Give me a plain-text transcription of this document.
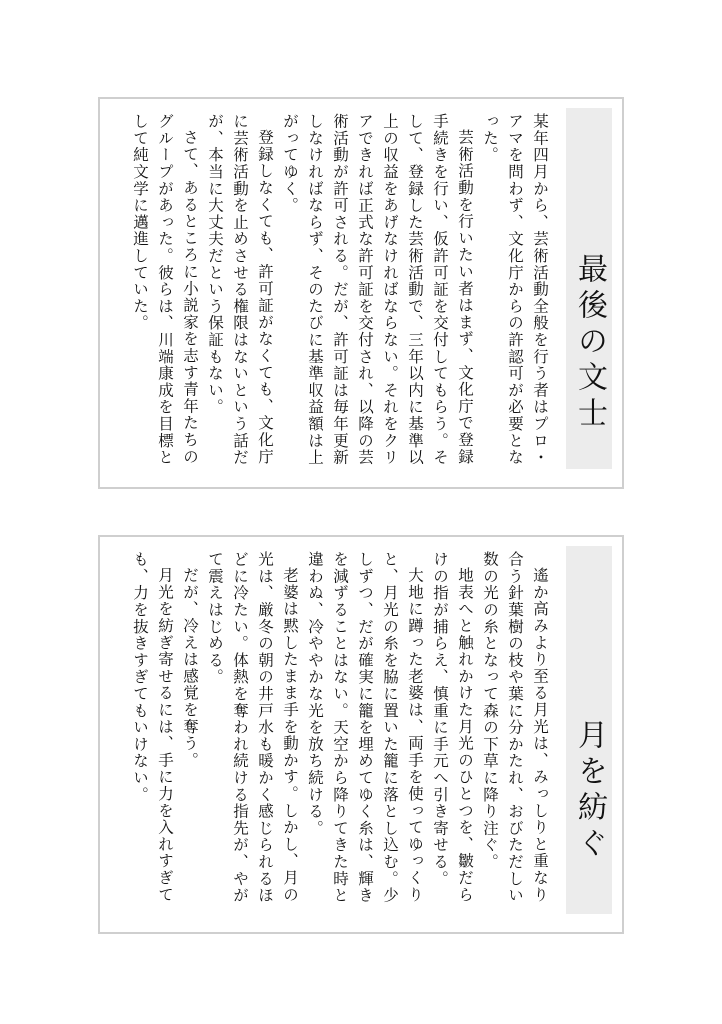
最後の文士

某年四月から、芸術活動全般を行う者はプロ・アマを問わず、文化庁からの許認可が必要となった。

芸術活動を行いたい者はまず、文化庁で登録手続きを行い、仮許可証を交付してもらう。そして、登録した芸術活動で、三年以内に基準以上の収益をあげなければならない。それをクリアできれば正式な許可証を交付され、以降の芸術活動が許可される。だが、許可証は毎年更新しなければならず、そのたびに基準収益額は上がってゆく。

登録しなくても、許可証がなくても、文化庁に芸術活動を止めさせる権限はないという話だが、本当に大丈夫だという保証もない。

さて、あるところに小説家を志す青年たちのグループがあった。彼らは、川端康成を目標として純文学に邁進していた。

月を紡ぐ

遙か高みより至る月光は、みっしりと重なり合う針葉樹の枝や葉に分かたれ、おびただしい数の光の糸となって森の下草に降り注ぐ。

地表へと触れかけた月光のひとつを、皺だらけの指が捕らえ、慎重に手元へ引き寄せる。

大地に蹲った老婆は、両手を使ってゆっくりと、月光の糸を脇に置いた籠に落とし込む。少しずつ、だが確実に籠を埋めてゆく糸は、輝きを減ずることはない。天空から降りてきた時と違わぬ、冷ややかな光を放ち続ける。

老婆は黙したまま手を動かす。しかし、月の光は、厳冬の朝の井戸水も暖かく感じられるほどに冷たい。体熱を奪われ続ける指先が、やがて震えはじめる。

だが、冷えは感覚を奪う。

月光を紡ぎ寄せるには、手に力を入れすぎても、力を抜きすぎてもいけない。
